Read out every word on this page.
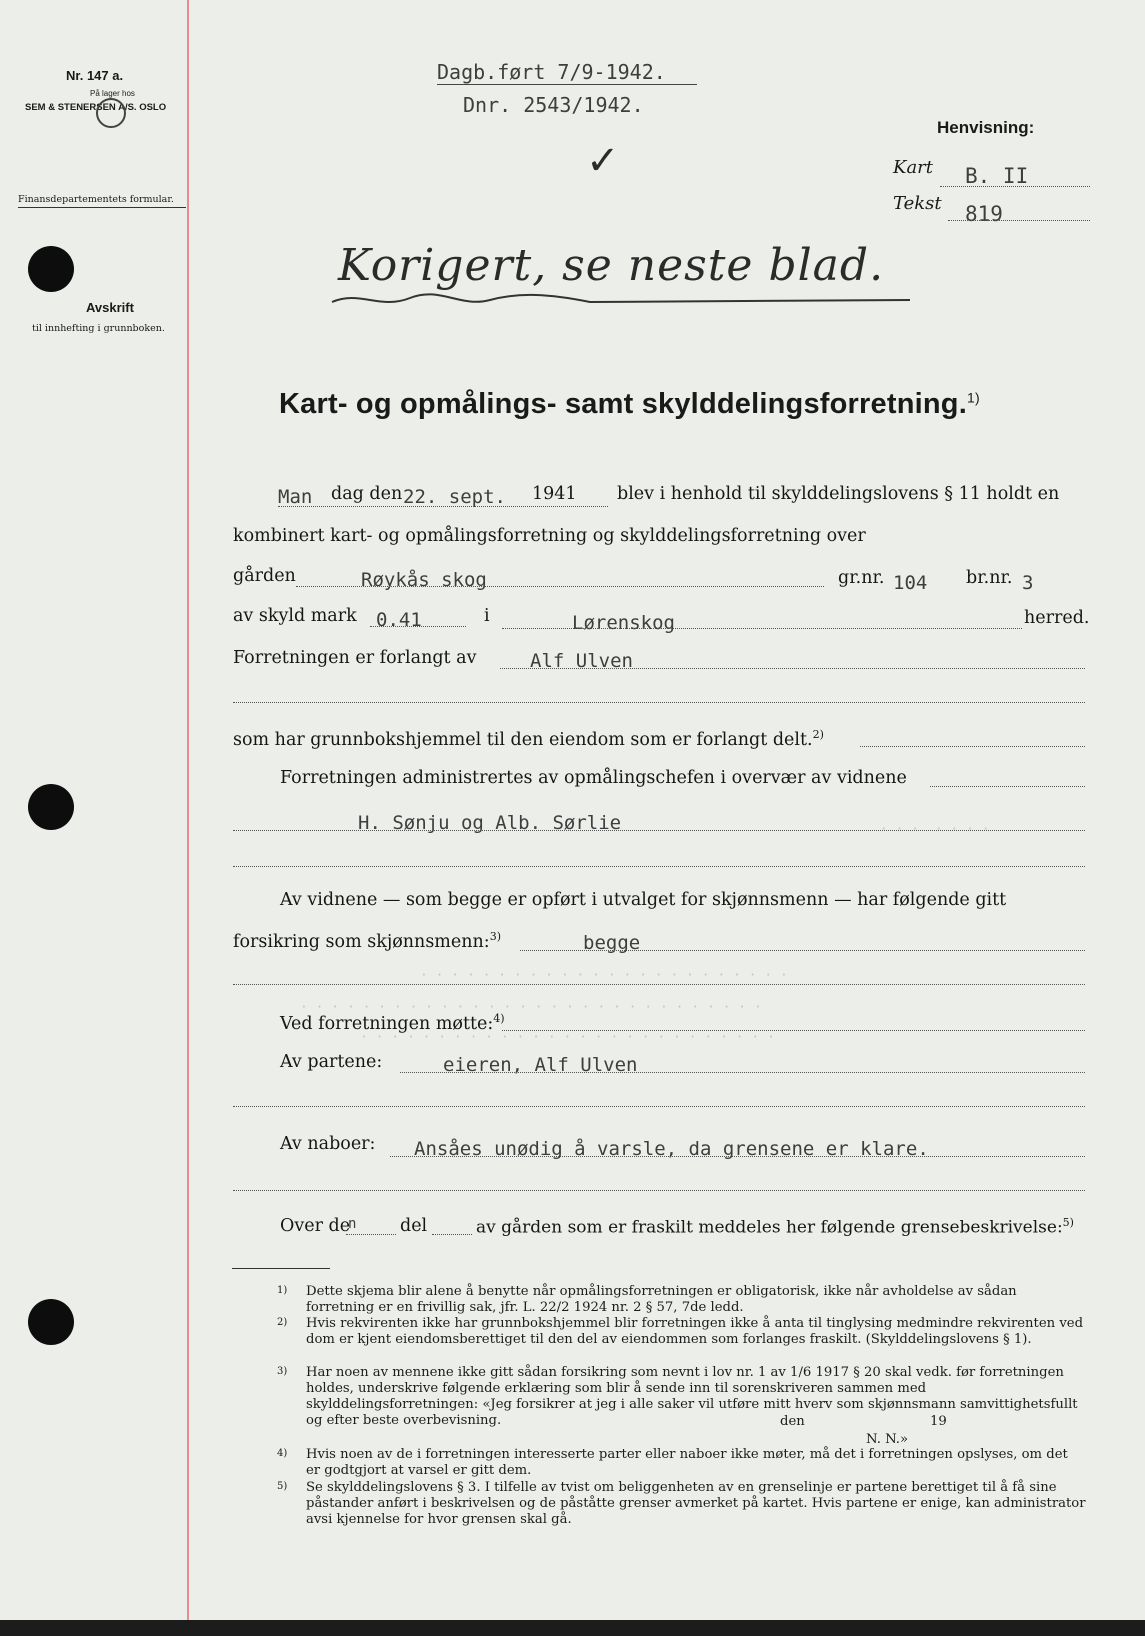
· · ·  · · · ·
· · · · · · · · · · · · · · · · · · · · · · · ·
· · · · · · · · · · · · · · · · · · · · · · · · · · · · · ·
· · · · · · · · · · · · · · · · · · · · · · · · · · ·
Nr. 147 a.
På lager hos
SEM & STENERSEN A/S. OSLO
Finansdepartementets formular.
Avskrift
til innhefting i grunnboken.
Dagb.ført 7/9-1942.
Dnr. 2543/1942.
✓
Henvisning:
Kart B. II
Tekst 819
Korigert, se neste blad.
Kart- og opmålings- samt skylddelingsforretning.$^{1)}$
Man dag den 22. sept. 1941 blev i henhold til skylddelingslovens § 11 holdt en
kombinert kart- og opmålingsforretning og skylddelingsforretning over
gården	Røykås skog	gr.nr. 104 br.nr. 3
av skyld mark 0.41	i	Lørenskog	herred.
Forretningen er forlangt av	Alf Ulven
som har grunnbokshjemmel til den eiendom som er forlangt delt.$^{2)}$
Forretningen administrertes av opmålingschefen i overvær av vidnene
H. Sønju og Alb. Sørlie
Av vidnene — som begge er opført i utvalget for skjønnsmenn — har følgende gitt
forsikring som skjønnsmenn:$^{3)}$	begge
Ved forretningen møtte:$^{4)}$
Av partene:	eieren, Alf Ulven
Av naboer: Ansåes unødig å varsle, da grensene er klare.
Over de
n del	av gården som er fraskilt meddeles her følgende grensebeskrivelse:$^{5)}$
1) Dette skjema blir alene å benytte når opmålingsforretningen er obligatorisk, ikke når avholdelse av sådan forretning er en frivillig sak, jfr. L. 22/2 1924 nr. 2 § 57, 7de ledd.
2) Hvis rekvirenten ikke har grunnbokshjemmel blir forretningen ikke å anta til tinglysing medmindre rekvirenten ved dom er kjent eiendomsberettiget til den del av eiendommen som forlanges fraskilt. (Skylddelingslovens § 1).
3) Har noen av mennene ikke gitt sådan forsikring som nevnt i lov nr. 1 av 1/6 1917 § 20 skal vedk. før forretningen holdes, underskrive følgende erklæring som blir å sende inn til sorenskriveren sammen med skylddelingsforretningen: «Jeg forsikrer at jeg i alle saker vil utføre mitt hverv som skjønnsmann samvittighetsfullt og efter beste overbevisning.	den	19
N. N.»
4) Hvis noen av de i forretningen interesserte parter eller naboer ikke møter, må det i forretningen opslyses, om det er godtgjort at varsel er gitt dem.
5) Se skylddelingslovens § 3. I tilfelle av tvist om beliggenheten av en grenselinje er partene berettiget til å få sine påstander anført i beskrivelsen og de påståtte grenser avmerket på kartet. Hvis partene er enige, kan administrator avsi kjennelse for hvor grensen skal gå.
